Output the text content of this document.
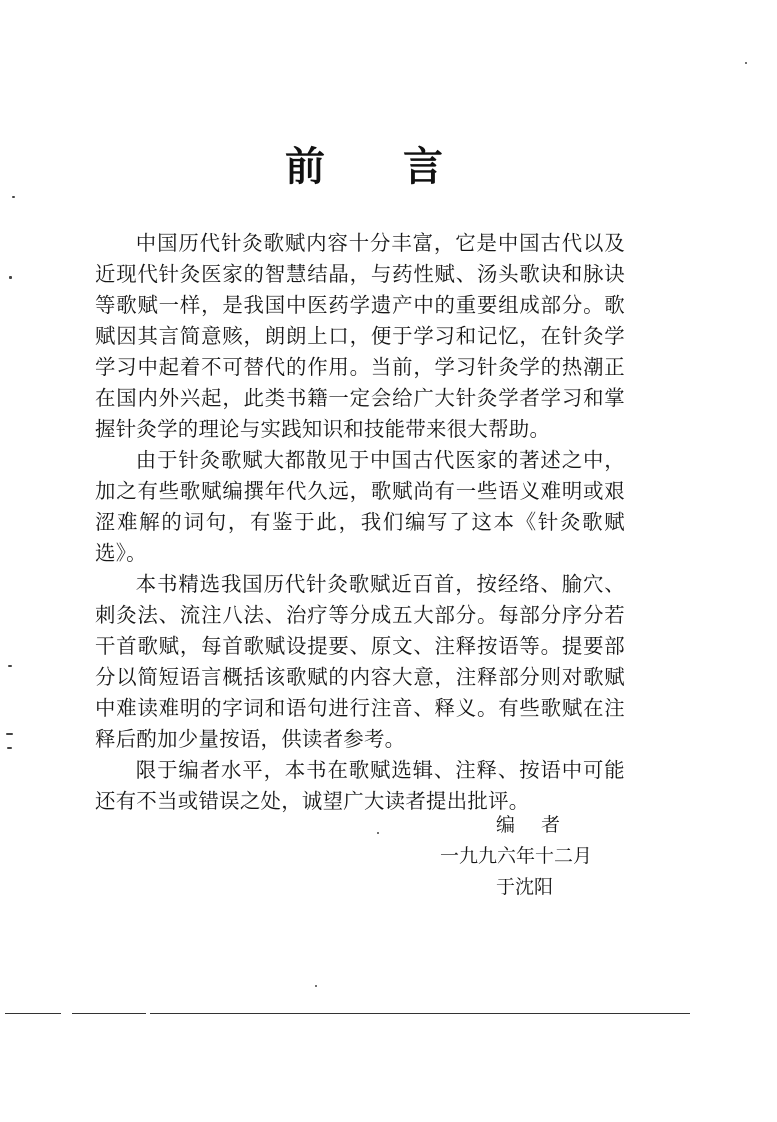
前 言

中国历代针灸歌赋内容十分丰富，它是中国古代以及近现代针灸医家的智慧结晶，与药性赋、汤头歌诀和脉诀等歌赋一样，是我国中医药学遗产中的重要组成部分。歌赋因其言简意赅，朗朗上口，便于学习和记忆，在针灸学学习中起着不可替代的作用。当前，学习针灸学的热潮正在国内外兴起，此类书籍一定会给广大针灸学者学习和掌握针灸学的理论与实践知识和技能带来很大帮助。

由于针灸歌赋大都散见于中国古代医家的著述之中，加之有些歌赋编撰年代久远，歌赋尚有一些语义难明或艰涩难解的词句，有鉴于此，我们编写了这本《针灸歌赋选》。

本书精选我国历代针灸歌赋近百首，按经络、腧穴、刺灸法、流注八法、治疗等分成五大部分。每部分序分若干首歌赋，每首歌赋设提要、原文、注释按语等。提要部分以简短语言概括该歌赋的内容大意，注释部分则对歌赋中难读难明的字词和语句进行注音、释义。有些歌赋在注释后酌加少量按语，供读者参考。

限于编者水平，本书在歌赋选辑、注释、按语中可能还有不当或错误之处，诚望广大读者提出批评。

编者
一九九六年十二月
于沈阳
